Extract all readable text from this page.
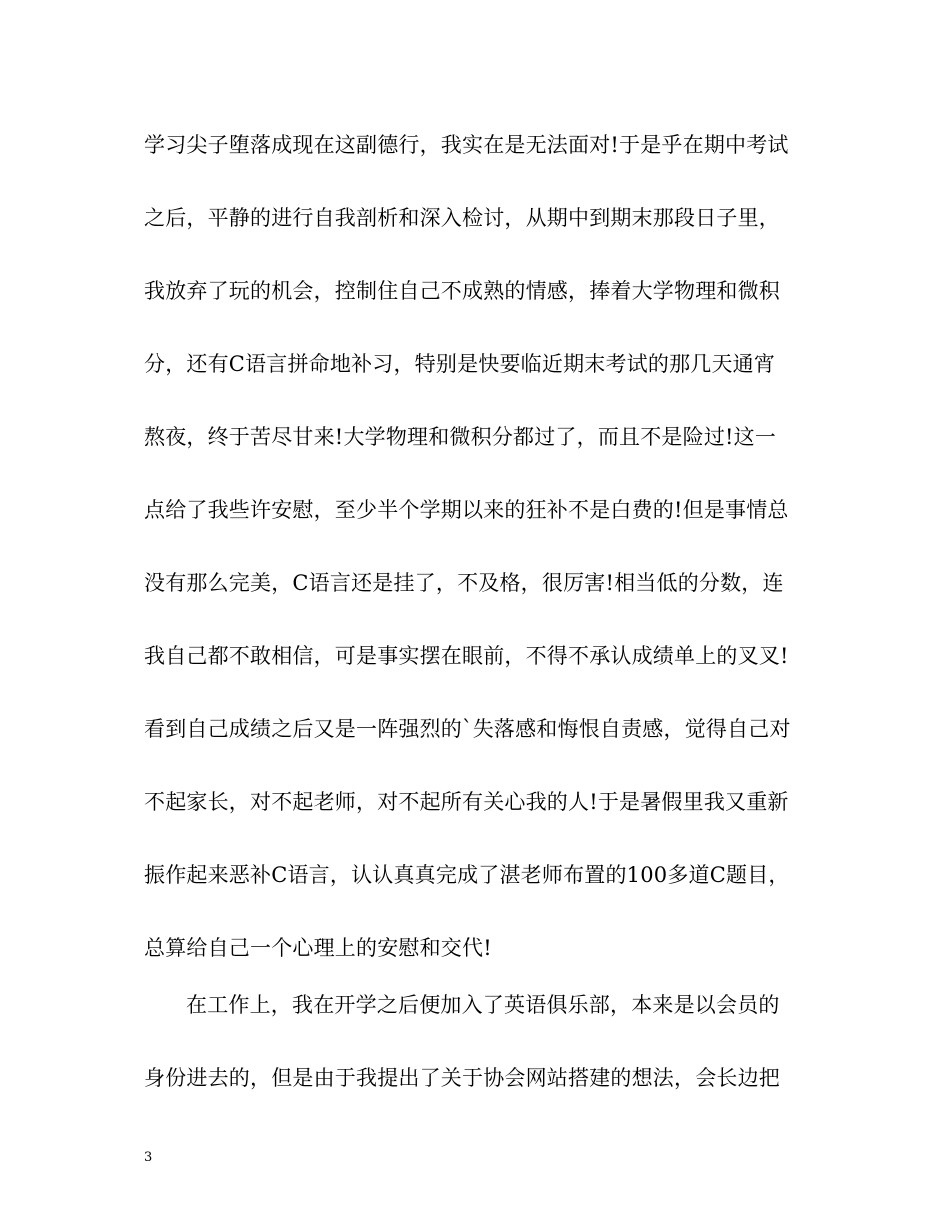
学习尖子堕落成现在这副德行，我实在是无法面对!于是乎在期中考试
之后，平静的进行自我剖析和深入检讨，从期中到期末那段日子里，
我放弃了玩的机会，控制住自己不成熟的情感，捧着大学物理和微积
分，还有C语言拼命地补习，特别是快要临近期末考试的那几天通宵
熬夜，终于苦尽甘来!大学物理和微积分都过了，而且不是险过!这一
点给了我些许安慰，至少半个学期以来的狂补不是白费的!但是事情总
没有那么完美，C语言还是挂了，不及格，很厉害!相当低的分数，连
我自己都不敢相信，可是事实摆在眼前，不得不承认成绩单上的叉叉!
看到自己成绩之后又是一阵强烈的`失落感和悔恨自责感，觉得自己对
不起家长，对不起老师，对不起所有关心我的人!于是暑假里我又重新
振作起来恶补C语言，认认真真完成了湛老师布置的100多道C题目，
总算给自己一个心理上的安慰和交代!
在工作上，我在开学之后便加入了英语俱乐部，本来是以会员的
身份进去的，但是由于我提出了关于协会网站搭建的想法，会长边把
3
